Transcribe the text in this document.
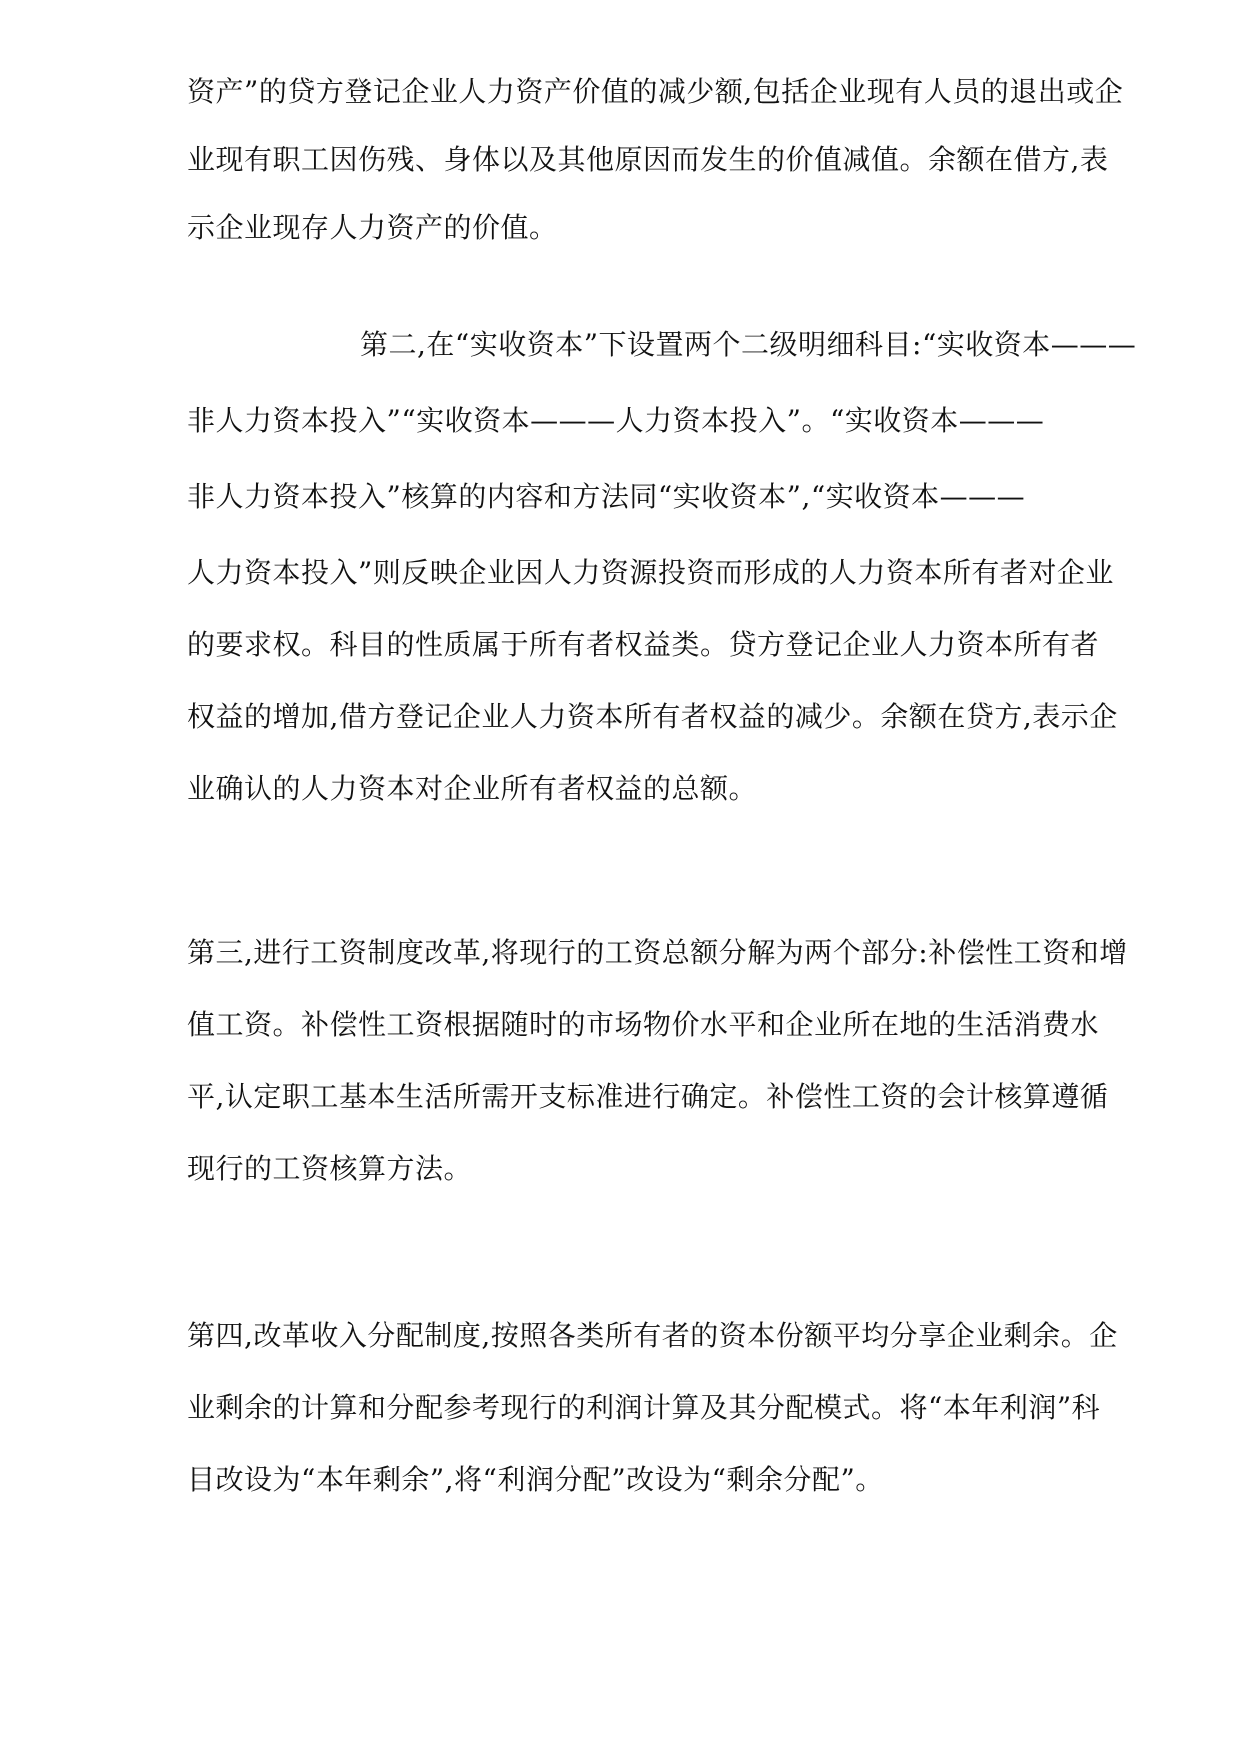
资产”的贷方登记企业人力资产价值的减少额,包括企业现有人员的退出或企
业现有职工因伤残、身体以及其他原因而发生的价值减值。余额在借方,表
示企业现存人力资产的价值。
第二,在“实收资本”下设置两个二级明细科目:“实收资本———
非人力资本投入”“实收资本———人力资本投入”。“实收资本———
非人力资本投入”核算的内容和方法同“实收资本”,“实收资本———
人力资本投入”则反映企业因人力资源投资而形成的人力资本所有者对企业
的要求权。科目的性质属于所有者权益类。贷方登记企业人力资本所有者
权益的增加,借方登记企业人力资本所有者权益的减少。余额在贷方,表示企
业确认的人力资本对企业所有者权益的总额。
第三,进行工资制度改革,将现行的工资总额分解为两个部分:补偿性工资和增
值工资。补偿性工资根据随时的市场物价水平和企业所在地的生活消费水
平,认定职工基本生活所需开支标准进行确定。补偿性工资的会计核算遵循
现行的工资核算方法。
第四,改革收入分配制度,按照各类所有者的资本份额平均分享企业剩余。企
业剩余的计算和分配参考现行的利润计算及其分配模式。将“本年利润”科
目改设为“本年剩余”,将“利润分配”改设为“剩余分配”。
